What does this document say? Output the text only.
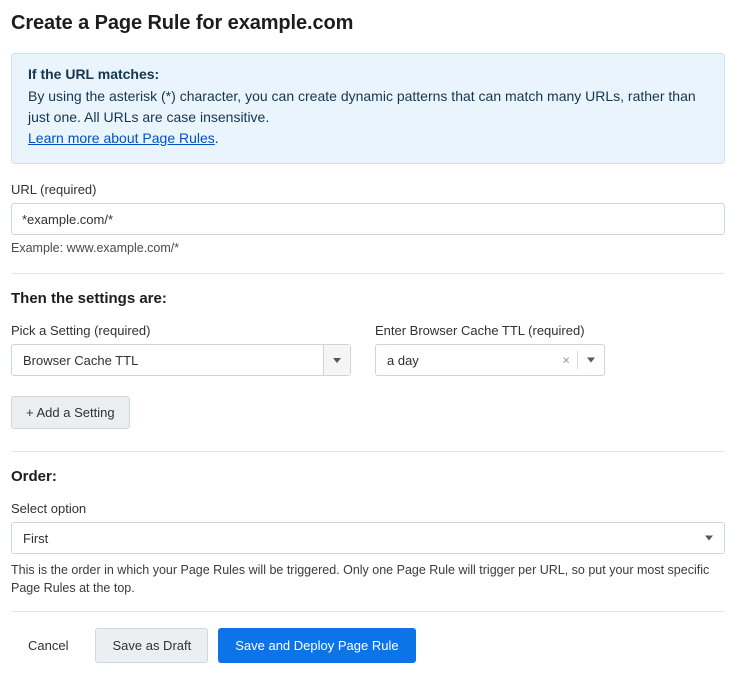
Create a Page Rule for example.com
If the URL matches:
By using the asterisk (*) character, you can create dynamic patterns that can match many URLs, rather than just one. All URLs are case insensitive.
Learn more about Page Rules.
URL (required)
*example.com/*
Example: www.example.com/*
Then the settings are:
Pick a Setting (required)
Browser Cache TTL
Enter Browser Cache TTL (required)
a day	×
+ Add a Setting
Order:
Select option
First
This is the order in which your Page Rules will be triggered. Only one Page Rule will trigger per URL, so put your most specific Page Rules at the top.
Cancel	Save as Draft	Save and Deploy Page Rule
